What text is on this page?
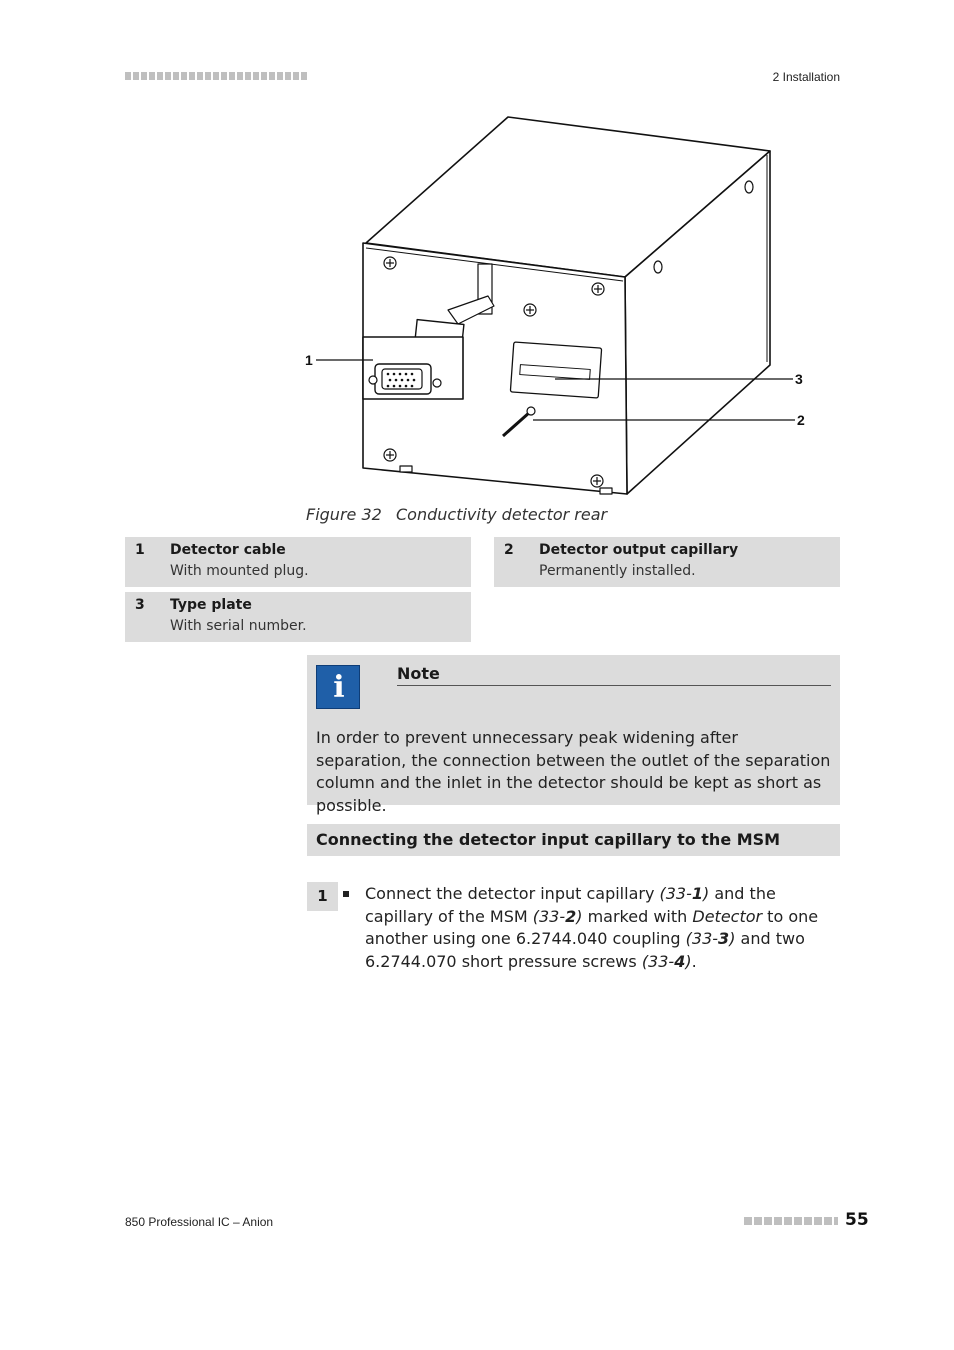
2 Installation
1
2
3
Figure 32 Conductivity detector rear
1 Detector cable
With mounted plug.
2 Detector output capillary
Permanently installed.
3 Type plate
With serial number.
i	Note
In order to prevent unnecessary peak widening after separation, the connection between the outlet of the separation column and the inlet in the detector should be kept as short as possible.
Connecting the detector input capillary to the MSM
1	Connect the detector input capillary (33-1) and the capillary of the MSM (33-2) marked with Detector to one another using one 6.2744.040 coupling (33-3) and two 6.2744.070 short pressure screws (33-4).
850 Professional IC – Anion	55
